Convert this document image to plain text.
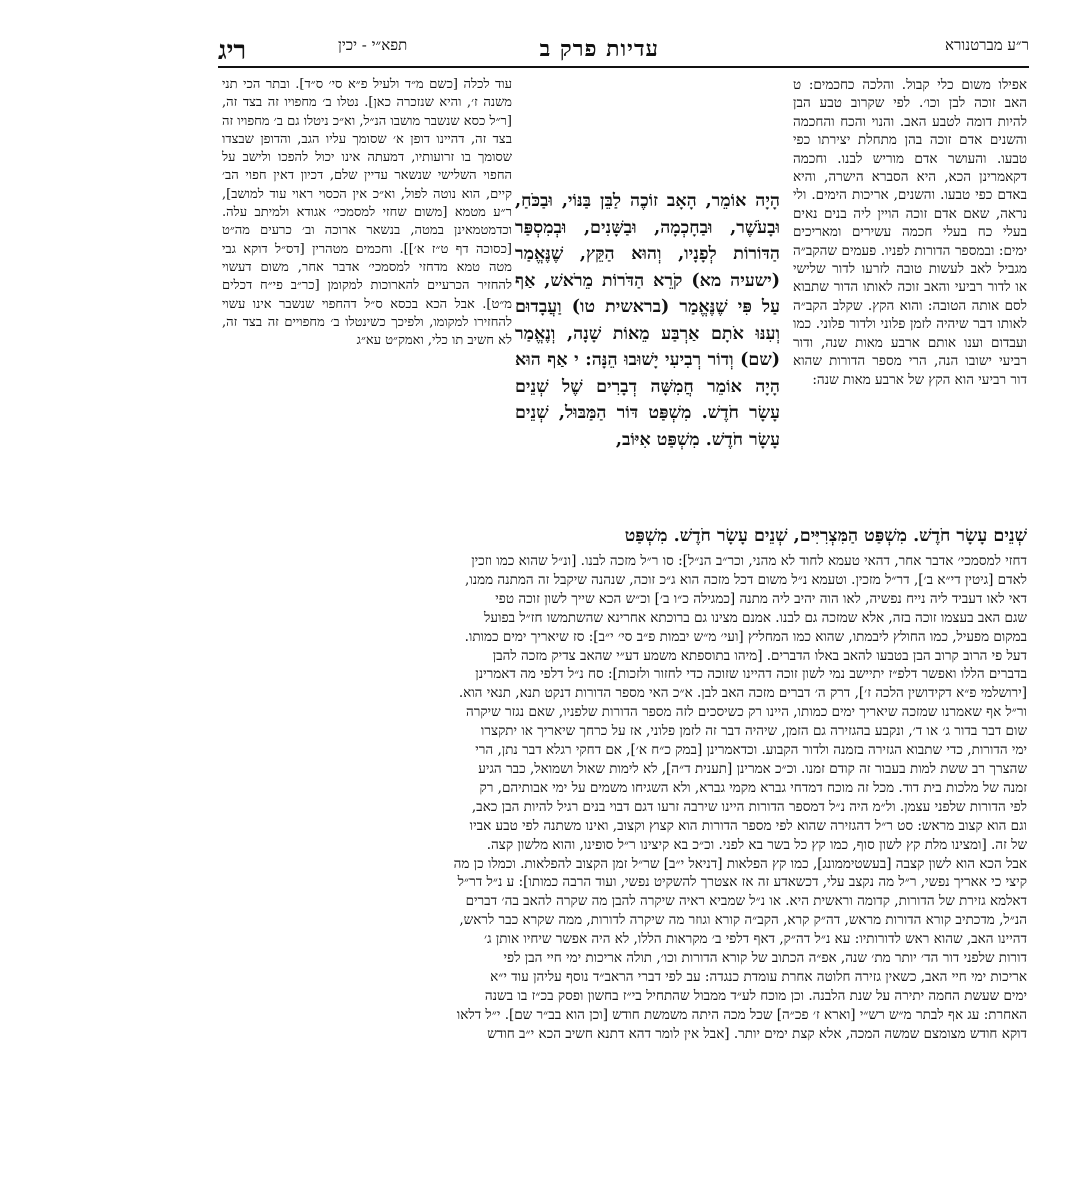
ר״ע מברטנורא
עדיות פרק ב
תפא״י - יכין
ריג

אפילו משום כלי קבול. והלכה כחכמים: ט האב זוכה לבן וכו׳. לפי שקרוב טבע הבן להיות דומה לטבע האב. והנוי והכח והחכמה והשנים אדם זוכה בהן מתחלת יצירתו כפי טבעו. והעושר אדם מוריש לבנו. וחכמה דקאמרינן הכא, היא הסברא הישרה, והיא באדם כפי טבעו. והשנים, אריכות הימים. ולי נראה, שאם אדם זוכה הויין ליה בנים נאים בעלי כח בעלי חכמה עשירים ומאריכים ימים: ובמספר הדורות לפניו. פעמים שהקב״ה מגביל לאב לעשות טובה לזרעו לדור שלישי או לדור רביעי והאב זוכה לאותו הדור שתבוא לסם אותה הטובה: והוא הקץ. שקלב הקב״ה לאותו דבר שיהיה לזמן פלוני ולדור פלוני. כמו ועבדום וענו אותם ארבע מאות שנה, ודור רביעי ישובו הנה, הרי מספר הדורות שהוא דור רביעי הוא הקץ של ארבע מאות שנה:

עוד לכלה [כשם מ״ד ולעיל פ״א סי׳ ס״ד]. ובתר הכי תני משנה ז׳, והיא שנזכרה כאן]. נטלו ב׳ מחפויו זה בצד זה, [ר״ל כסא שנשבר מושבו הנ״ל, וא״כ ניטלו גם ב׳ מחפויו זה בצד זה, דהיינו דופן א׳ שסומך עליו הגב, והדופן שבצדו שסומך בו זרועותיו, דמעתה אינו יכול להפכו ולישב על החפוי השלישי שנשאר עדיין שלם, דכיון דאין חפוי הב׳ קיים, הוא נוטה לפול, וא״כ אין הכסוי ראוי עוד למושב], ר״ע מטמא [משום שחזי למסמכי׳ אגודא ולמיתב עלה. וכדמטמאינן במטה, בנשאר ארוכה וב׳ כרעים מה״ט [כסוכה דף ט״ז א׳]]. וחכמים מטהרין [דס״ל דוקא גבי מטה טמא מדחזי למסמכי׳ אדבר אחר, משום דעשוי להחזיר הכרעיים להארוכות למקומן [כר״ב פי״ח דכלים מ״ט]. אבל הכא בכסא ס״ל דהחפוי שנשבר אינו עשוי להחזירו למקומו, ולפיכך כשינטלו ב׳ מחפויים זה בצד זה, לא חשיב תו כלי, ואמק״ט עא״ג

הָיָה אוֹמֵר, הָאָב זוֹכֶה לַבֵּן בַּנּוֹי, וּבַכֹּחַ, וּבָעֹשֶׁר, וּבַחָכְמָה, וּבַשָּׁנִים, וּבְמִסְפַּר הַדּוֹרוֹת לְפָנָיו, וְהוּא הַקֵּץ, שֶׁנֶּאֱמַר (ישעיה מא) קֹרֵא הַדֹּרוֹת מֵרֹאשׁ, אַף עַל פִּי שֶׁנֶּאֱמַר (בראשית טו) וַעֲבָדוּם וְעִנּוּ אֹתָם אַרְבַּע מֵאוֹת שָׁנָה, וְנֶאֱמַר (שם) וְדוֹר רְבִיעִי יָשׁוּבוּ הֵנָּה: י אַף הוּא הָיָה אוֹמֵר חֲמִשָּׁה דְבָרִים שֶׁל שְׁנֵים עָשָׂר חֹדֶשׁ. מִשְׁפַּט דּוֹר הַמַּבּוּל, שְׁנֵים עָשָׂר חֹדֶשׁ. מִשְׁפַּט אִיּוֹב,

שְׁנֵים עָשָׂר חֹדֶשׁ. מִשְׁפַּט הַמִּצְרִיִּים, שְׁנֵים עָשָׂר חֹדֶשׁ. מִשְׁפַּט

דחזי למסמכי׳ אדבר אחר, דהאי טעמא לחוד לא מהני, וכר״ב הנ״ל]: סו ר״ל מזכה לבנו. [ונ״ל שהוא כמו וזכין

לאדם [גיטין די״א ב׳], דר״ל מזכין. וטעמא נ״ל משום דכל מזכה הוא ג״כ זוכה, שנהנה שיקבל זה המתנה ממנו,

דאי לאו דעביד ליה נייח נפשיה, לאו הוה יהיב ליה מתנה [כמגילה כ״ו ב׳] וכ״ש הכא שייך לשון זוכה טפי

שגם האב בעצמו זוכה בזה, אלא שמזכה גם לבנו. אמנם מצינו גם ברוכתא אחרינא שהשתמשו חז״ל בפועל

במקום מפעיל, כמו החולץ ליבמתו, שהוא כמו המחליץ [ועי׳ מ״ש יבמות פ״ב סי׳ י״ב]: סז שיאריך ימים כמותו.

דעל פי הרוב קרוב הבן בטבעו להאב באלו הדברים. [מיהו בתוספתא משמע דע״י שהאב צדיק מזכה להבן

בדברים הללו ואפשר דלפ״ז יתיישב נמי לשון זוכה דהיינו שזוכה כדי לחזור ולזכות]: סח נ״ל דלפי מה דאמרינן

[ירושלמי פ״א דקידושין הלכה ז׳], דרק ה׳ דברים מזכה האב לבן. א״כ האי מספר הדורות דנקט תנא, תנאי הוא.

ור״ל אף שאמרנו שמזכה שיאריך ימים כמותו, היינו רק כשיסכים לזה מספר הדורות שלפניו, שאם נגזר שיקרה

שום דבר בדור ג׳ או ד׳, ונקבע בהגזירה גם הזמן, שיהיה דבר זה לזמן פלוני, אז על כרחך שיאריך או יתקצרו

ימי הדורות, כדי שתבוא הגזירה בזמנה ולדור הקבוע. וכדאמרינן [במק כ״ח א׳], אם דחקי רגלא דבר נתן, הרי

שהצרך רב ששת למות בעבור זה קודם זמנו. וכ״כ אמרינן [תענית ד״ה], לא לימות שאול ושמואל, כבר הגיע

זמנה של מלכות בית דוד. מכל זה מוכח דמדחי גברא מקמי גברא, ולא השגיחו משמים על ימי אבותיהם, רק

לפי הדורות שלפני עצמן. ול״מ היה נ״ל דמספר הדורות היינו שירבה זרעו דגם דבוי בנים רגיל להיות הבן כאב,

וגם הוא קצוב מראש: סט ר״ל דהגזירה שהוא לפי מספר הדורות הוא קצוץ וקצוב, ואינו משתנה לפי טבע אביו

של זה. [ומצינו מלת קץ לשון סוף, כמו קץ כל בשר בא לפני. וכ״כ בא קיצינו ר״ל סופינו, והוא מלשון קצה.

אבל הכא הוא לשון קצבה [בעשטיממונג], כמו קץ הפלאות [דניאל י״ב] שר״ל זמן הקצוב להפלאות. וכמלו כן מה

קיצי כי אאריך נפשי, ר״ל מה נקצב עלי, דכשאדע זה אז אצטרך להשקיט נפשי, ועוד הרבה כמותו]: ע נ״ל דר״ל

דאלמא גזירת של הדורות, קדומה וראשית היא. או נ״ל שמביא ראיה שיקרה להבן מה שקרה להאב בה׳ דברים

הנ״ל, מדכתיב קורא הדורות מראש, דה״ק קרא, הקב״ה קורא וגוזר מה שיקרה לדורות, ממה שקרא כבר לראש,

דהיינו האב, שהוא ראש לדורותיו: עא נ״ל דה״ק, דאף דלפי ב׳ מקראות הללו, לא היה אפשר שיחיו אותן ג׳

דורות שלפני דור הד׳ יותר מת׳ שנה, אפ״ה הכתוב של קורא הדורות וכו׳, תולה אריכות ימי חיי הבן לפי

אריכות ימי חיי האב, כשאין גזירה חלוטה אחרת עומדת כנגדה: עב לפי דברי הראב״ד נוסף עליהן עוד י״א

ימים שעשת החמה יתירה על שנת הלבנה. וכן מוכח לע״ד ממבול שהתחיל בי״ז בחשון ופסק בכ״ז בו בשנה

האחרת: עג אף לבתר מ״ש רש״י [וארא ז׳ פכ״ה] שכל מכה היתה משמשת חודש [וכן הוא בב״ר שם]. י״ל דלאו

דוקא חודש מצומצם שמשה המכה, אלא קצת ימים יותר. [אבל אין לומר דהא דתנא חשיב הכא י״ב חודש
